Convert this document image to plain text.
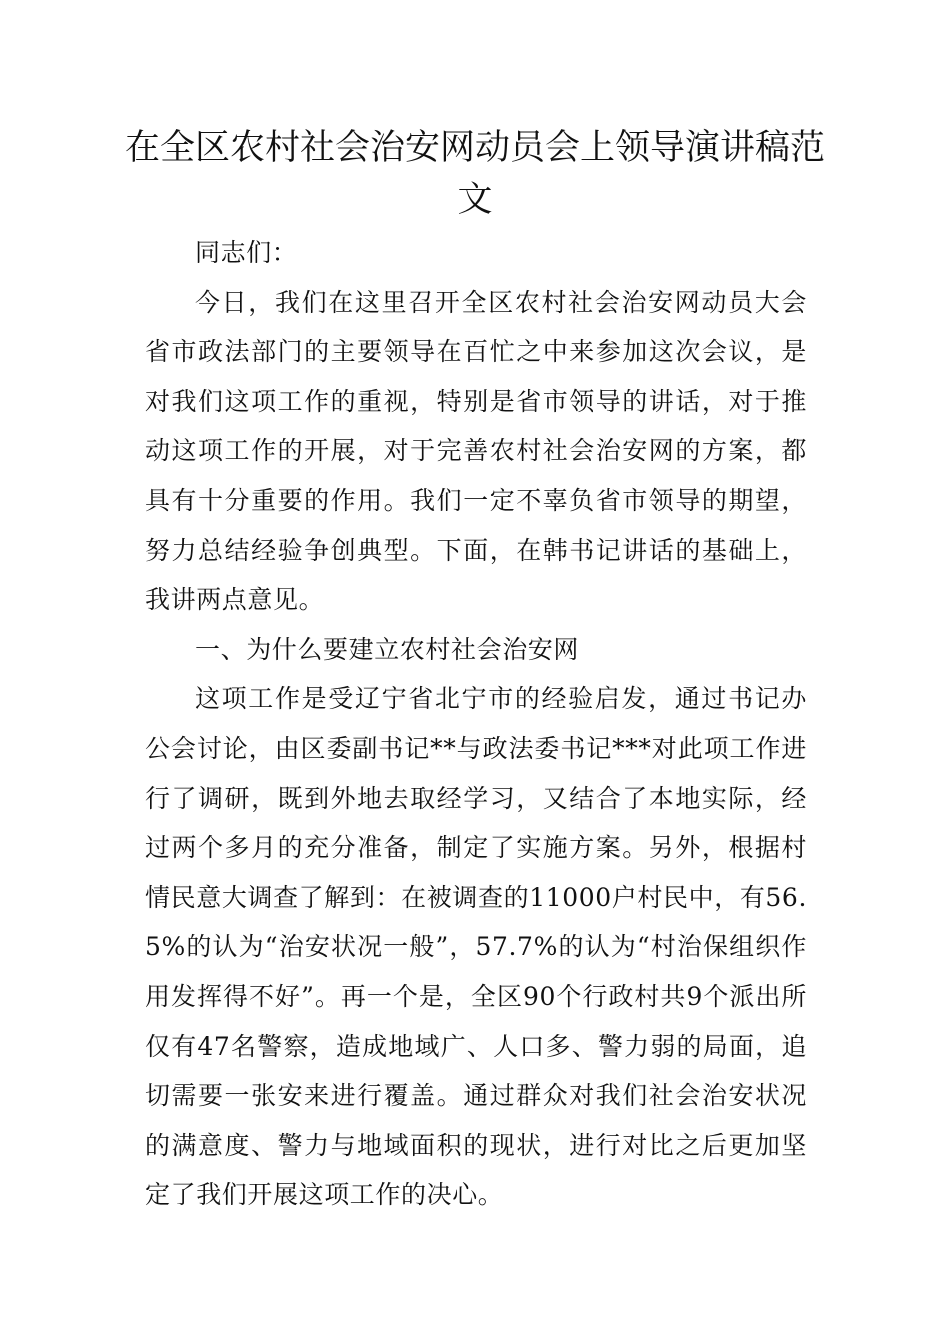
在全区农村社会治安网动员会上领导演讲稿范文

同志们：

今日，我们在这里召开全区农村社会治安网动员大会省市政法部门的主要领导在百忙之中来参加这次会议，是对我们这项工作的重视，特别是省市领导的讲话，对于推动这项工作的开展，对于完善农村社会治安网的方案，都具有十分重要的作用。我们一定不辜负省市领导的期望，努力总结经验争创典型。下面，在韩书记讲话的基础上，我讲两点意见。

一、为什么要建立农村社会治安网

这项工作是受辽宁省北宁市的经验启发，通过书记办公会讨论，由区委副书记**与政法委书记***对此项工作进行了调研，既到外地去取经学习，又结合了本地实际，经过两个多月的充分准备，制定了实施方案。另外，根据村情民意大调查了解到：在被调查的11000户村民中，有56.5%的认为“治安状况一般”，57.7%的认为“村治保组织作用发挥得不好”。再一个是，全区90个行政村共9个派出所仅有47名警察，造成地域广、人口多、警力弱的局面，追切需要一张安来进行覆盖。通过群众对我们社会治安状况的满意度、警力与地域面积的现状，进行对比之后更加坚定了我们开展这项工作的决心。
